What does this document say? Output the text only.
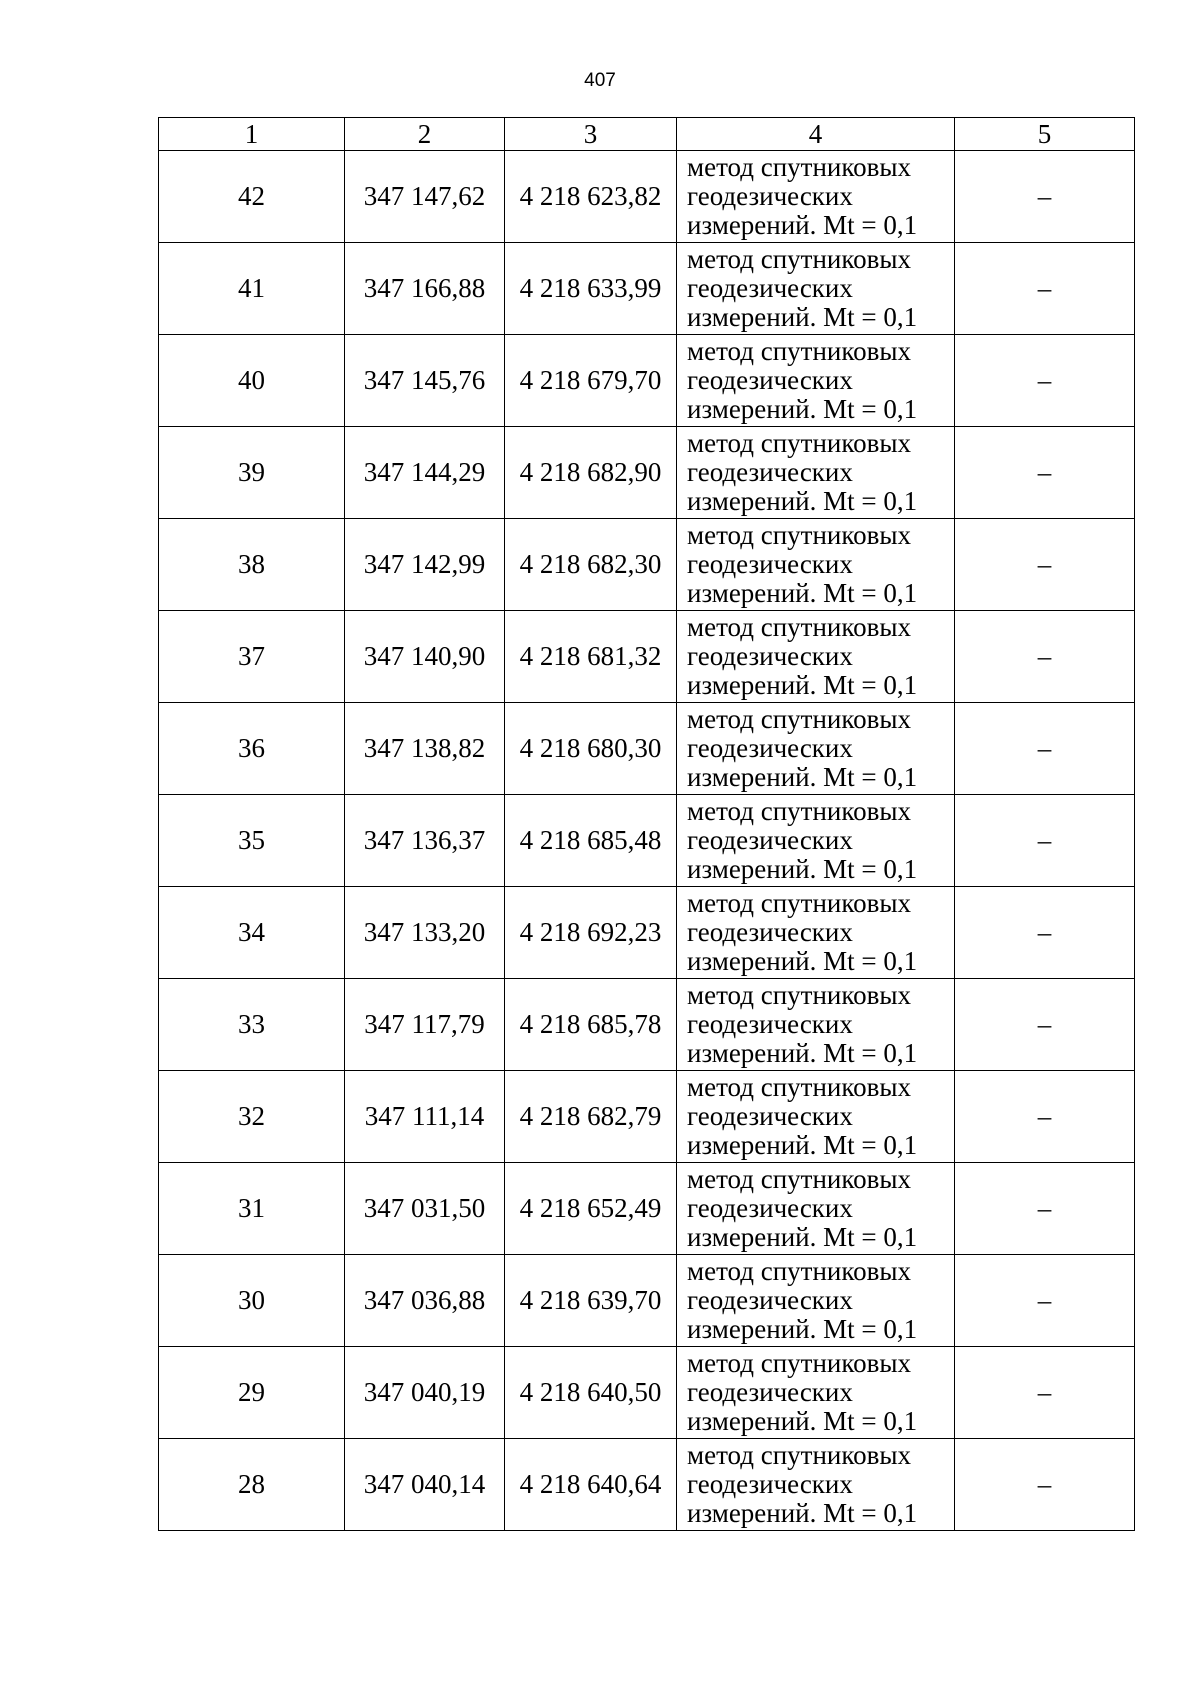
407
1	2	3	4	5
42	347 147,62	4 218 623,82	метод спутниковых
геодезических
измерений. Mt = 0,1	–
41	347 166,88	4 218 633,99	метод спутниковых
геодезических
измерений. Mt = 0,1	–
40	347 145,76	4 218 679,70	метод спутниковых
геодезических
измерений. Mt = 0,1	–
39	347 144,29	4 218 682,90	метод спутниковых
геодезических
измерений. Mt = 0,1	–
38	347 142,99	4 218 682,30	метод спутниковых
геодезических
измерений. Mt = 0,1	–
37	347 140,90	4 218 681,32	метод спутниковых
геодезических
измерений. Mt = 0,1	–
36	347 138,82	4 218 680,30	метод спутниковых
геодезических
измерений. Mt = 0,1	–
35	347 136,37	4 218 685,48	метод спутниковых
геодезических
измерений. Mt = 0,1	–
34	347 133,20	4 218 692,23	метод спутниковых
геодезических
измерений. Mt = 0,1	–
33	347 117,79	4 218 685,78	метод спутниковых
геодезических
измерений. Mt = 0,1	–
32	347 111,14	4 218 682,79	метод спутниковых
геодезических
измерений. Mt = 0,1	–
31	347 031,50	4 218 652,49	метод спутниковых
геодезических
измерений. Mt = 0,1	–
30	347 036,88	4 218 639,70	метод спутниковых
геодезических
измерений. Mt = 0,1	–
29	347 040,19	4 218 640,50	метод спутниковых
геодезических
измерений. Mt = 0,1	–
28	347 040,14	4 218 640,64	метод спутниковых
геодезических
измерений. Mt = 0,1	–
